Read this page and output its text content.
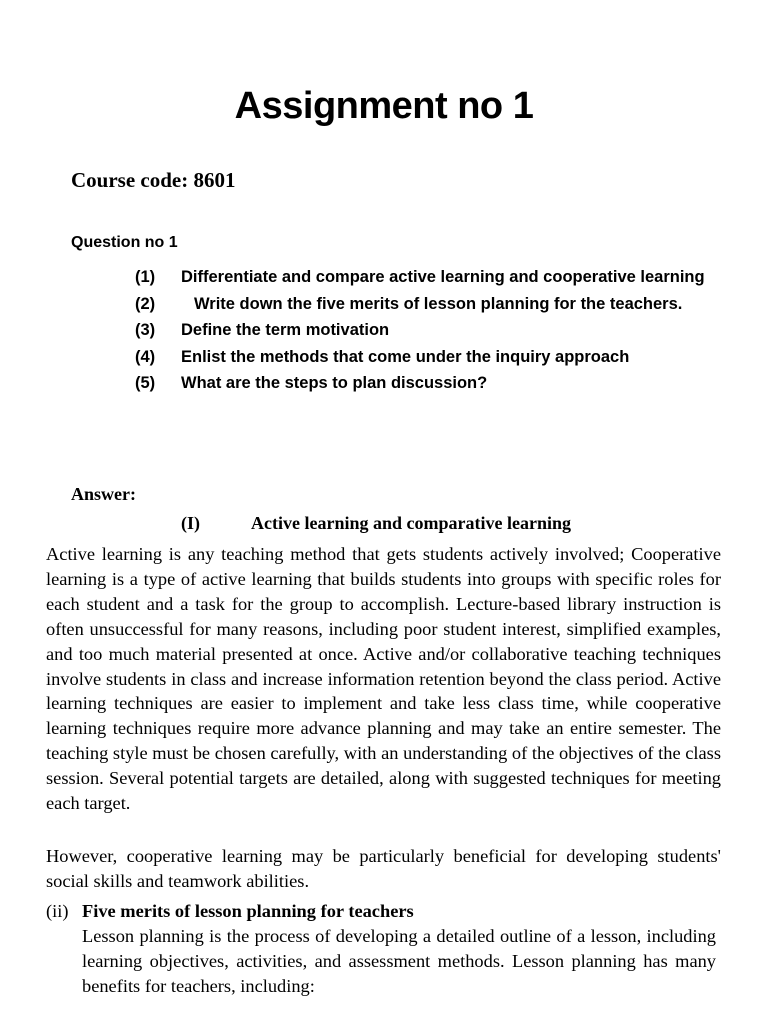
Assignment no 1
Course code: 8601
Question no 1
(1)	Differentiate and compare active learning and cooperative learning
(2)	Write down the five merits of lesson planning for the teachers.
(3)	Define the term motivation
(4)	Enlist the methods that come under the inquiry approach
(5)	What are the steps to plan discussion?
Answer:
(I)	Active learning and comparative learning
Active learning is any teaching method that gets students actively involved; Cooperative learning is a type of active learning that builds students into groups with specific roles for each student and a task for the group to accomplish. Lecture-based library instruction is often unsuccessful for many reasons, including poor student interest, simplified examples, and too much material presented at once. Active and/or collaborative teaching techniques involve students in class and increase information retention beyond the class period. Active learning techniques are easier to implement and take less class time, while cooperative learning techniques require more advance planning and may take an entire semester. The teaching style must be chosen carefully, with an understanding of the objectives of the class session. Several potential targets are detailed, along with suggested techniques for meeting each target.
However, cooperative learning may be particularly beneficial for developing students' social skills and teamwork abilities.
(ii) Five merits of lesson planning for teachers
Lesson planning is the process of developing a detailed outline of a lesson, including learning objectives, activities, and assessment methods. Lesson planning has many benefits for teachers, including:
